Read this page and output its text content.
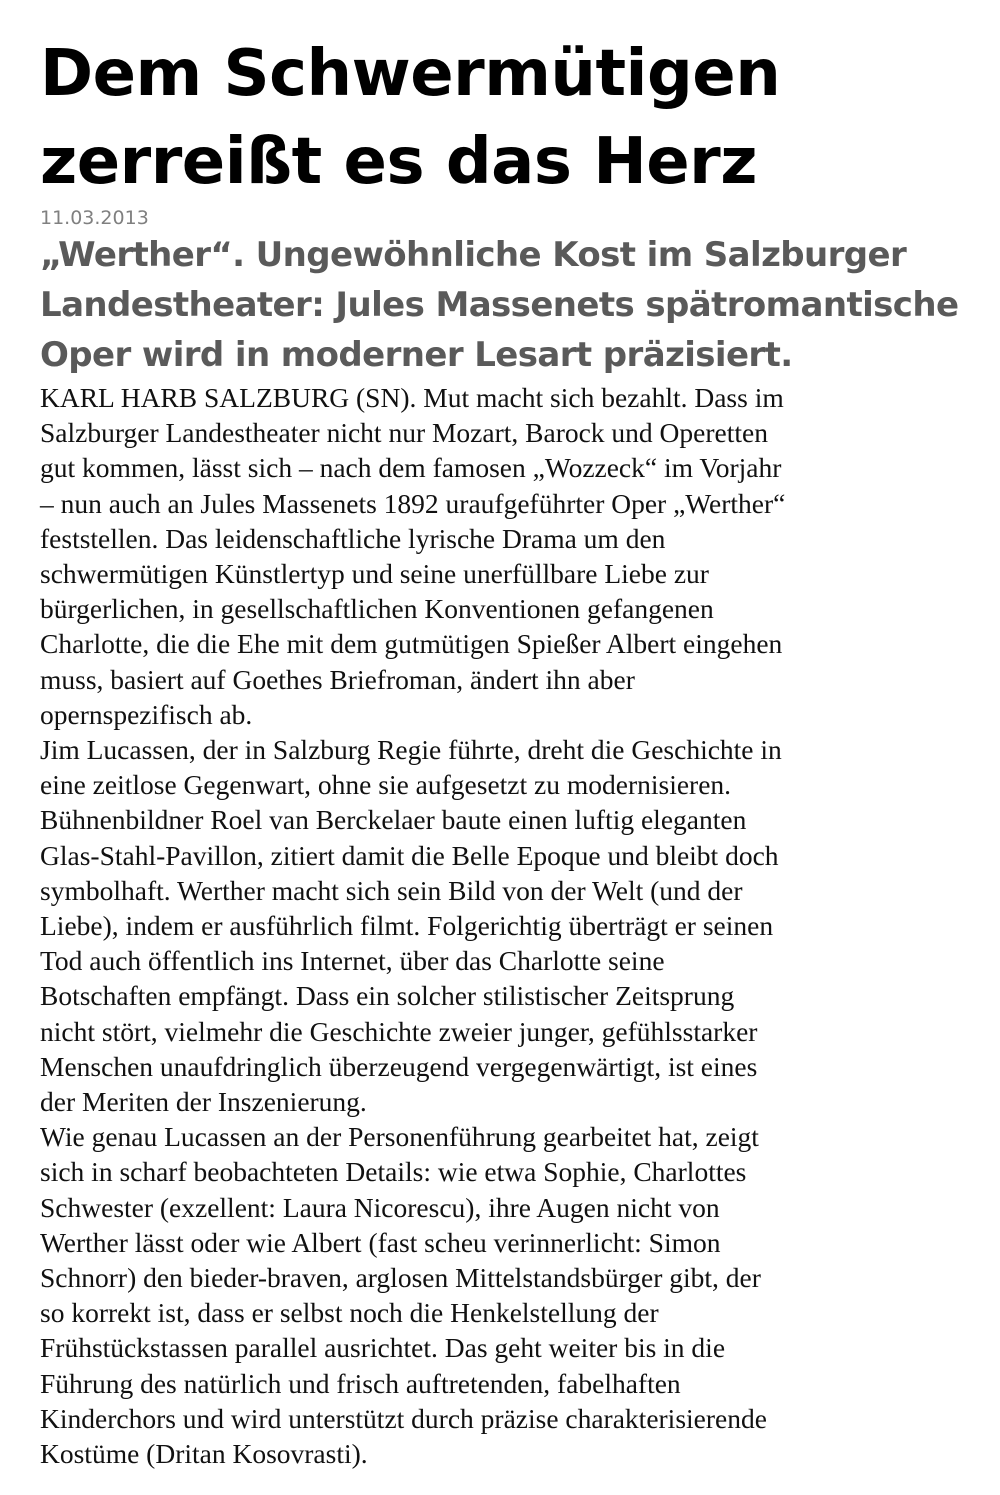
Dem Schwermütigen
zerreißt es das Herz

11.03.2013

„Werther“. Ungewöhnliche Kost im Salzburger
Landestheater: Jules Massenets spätromantische
Oper wird in moderner Lesart präzisiert.
KARL HARB SALZBURG (SN). Mut macht sich bezahlt. Dass im
Salzburger Landestheater nicht nur Mozart, Barock und Operetten
gut kommen, lässt sich – nach dem famosen „Wozzeck“ im Vorjahr
– nun auch an Jules Massenets 1892 uraufgeführter Oper „Werther“
feststellen. Das leidenschaftliche lyrische Drama um den
schwermütigen Künstlertyp und seine unerfüllbare Liebe zur
bürgerlichen, in gesellschaftlichen Konventionen gefangenen
Charlotte, die die Ehe mit dem gutmütigen Spießer Albert eingehen
muss, basiert auf Goethes Briefroman, ändert ihn aber
opernspezifisch ab.
Jim Lucassen, der in Salzburg Regie führte, dreht die Geschichte in
eine zeitlose Gegenwart, ohne sie aufgesetzt zu modernisieren.
Bühnenbildner Roel van Berckelaer baute einen luftig eleganten
Glas-Stahl-Pavillon, zitiert damit die Belle Epoque und bleibt doch
symbolhaft. Werther macht sich sein Bild von der Welt (und der
Liebe), indem er ausführlich filmt. Folgerichtig überträgt er seinen
Tod auch öffentlich ins Internet, über das Charlotte seine
Botschaften empfängt. Dass ein solcher stilistischer Zeitsprung
nicht stört, vielmehr die Geschichte zweier junger, gefühlsstarker
Menschen unaufdringlich überzeugend vergegenwärtigt, ist eines
der Meriten der Inszenierung.
Wie genau Lucassen an der Personenführung gearbeitet hat, zeigt
sich in scharf beobachteten Details: wie etwa Sophie, Charlottes
Schwester (exzellent: Laura Nicorescu), ihre Augen nicht von
Werther lässt oder wie Albert (fast scheu verinnerlicht: Simon
Schnorr) den bieder-braven, arglosen Mittelstandsbürger gibt, der
so korrekt ist, dass er selbst noch die Henkelstellung der
Frühstückstassen parallel ausrichtet. Das geht weiter bis in die
Führung des natürlich und frisch auftretenden, fabelhaften
Kinderchors und wird unterstützt durch präzise charakterisierende
Kostüme (Dritan Kosovrasti).
